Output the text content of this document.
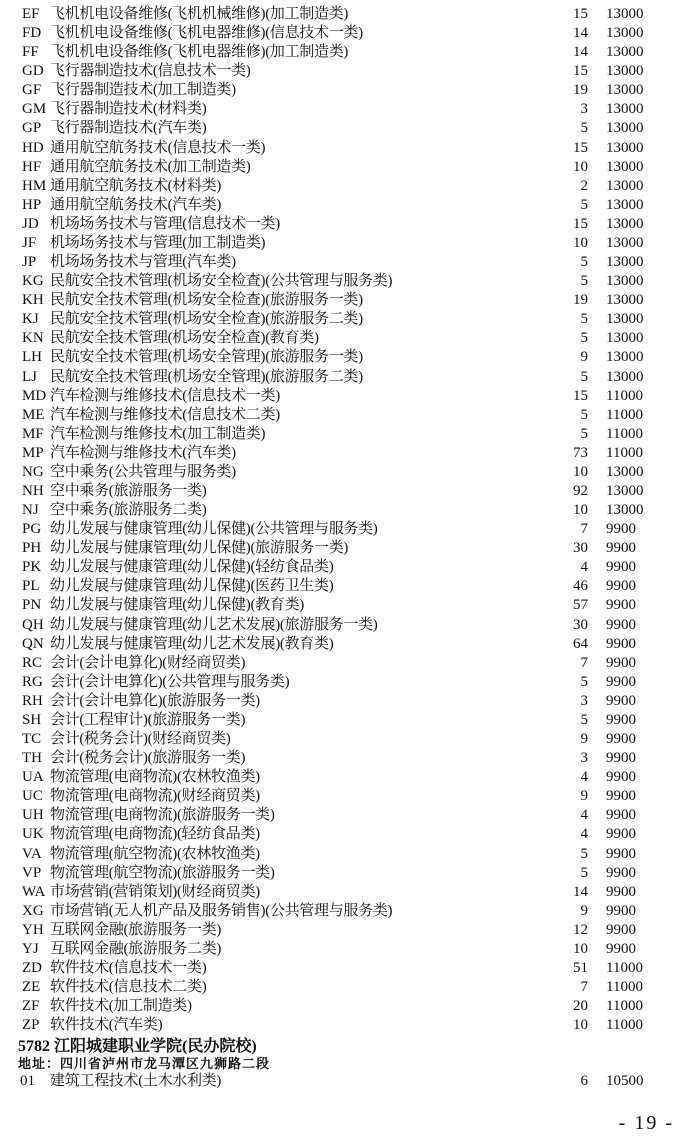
EF 飞机机电设备维修(飞机机械维修)(加工制造类)	15 13000
FD 飞机机电设备维修(飞机电器维修)(信息技术一类)	14 13000
FF 飞机机电设备维修(飞机电器维修)(加工制造类)	14 13000
GD 飞行器制造技术(信息技术一类)	15 13000
GF 飞行器制造技术(加工制造类)	19 13000
GM 飞行器制造技术(材料类)	3 13000
GP 飞行器制造技术(汽车类)	5 13000
HD 通用航空航务技术(信息技术一类)	15 13000
HF 通用航空航务技术(加工制造类)	10 13000
HM 通用航空航务技术(材料类)	2 13000
HP 通用航空航务技术(汽车类)	5 13000
JD 机场场务技术与管理(信息技术一类)	15 13000
JF 机场场务技术与管理(加工制造类)	10 13000
JP 机场场务技术与管理(汽车类)	5 13000
KG 民航安全技术管理(机场安全检查)(公共管理与服务类)	5 13000
KH 民航安全技术管理(机场安全检查)(旅游服务一类)	19 13000
KJ 民航安全技术管理(机场安全检查)(旅游服务二类)	5 13000
KN 民航安全技术管理(机场安全检查)(教育类)	5 13000
LH 民航安全技术管理(机场安全管理)(旅游服务一类)	9 13000
LJ 民航安全技术管理(机场安全管理)(旅游服务二类)	5 13000
MD 汽车检测与维修技术(信息技术一类)	15 11000
ME 汽车检测与维修技术(信息技术二类)	5 11000
MF 汽车检测与维修技术(加工制造类)	5 11000
MP 汽车检测与维修技术(汽车类)	73 11000
NG 空中乘务(公共管理与服务类)	10 13000
NH 空中乘务(旅游服务一类)	92 13000
NJ 空中乘务(旅游服务二类)	10 13000
PG 幼儿发展与健康管理(幼儿保健)(公共管理与服务类)	7 9900
PH 幼儿发展与健康管理(幼儿保健)(旅游服务一类)	30 9900
PK 幼儿发展与健康管理(幼儿保健)(轻纺食品类)	4 9900
PL 幼儿发展与健康管理(幼儿保健)(医药卫生类)	46 9900
PN 幼儿发展与健康管理(幼儿保健)(教育类)	57 9900
QH 幼儿发展与健康管理(幼儿艺术发展)(旅游服务一类)	30 9900
QN 幼儿发展与健康管理(幼儿艺术发展)(教育类)	64 9900
RC 会计(会计电算化)(财经商贸类)	7 9900
RG 会计(会计电算化)(公共管理与服务类)	5 9900
RH 会计(会计电算化)(旅游服务一类)	3 9900
SH 会计(工程审计)(旅游服务一类)	5 9900
TC 会计(税务会计)(财经商贸类)	9 9900
TH 会计(税务会计)(旅游服务一类)	3 9900
UA 物流管理(电商物流)(农林牧渔类)	4 9900
UC 物流管理(电商物流)(财经商贸类)	9 9900
UH 物流管理(电商物流)(旅游服务一类)	4 9900
UK 物流管理(电商物流)(轻纺食品类)	4 9900
VA 物流管理(航空物流)(农林牧渔类)	5 9900
VP 物流管理(航空物流)(旅游服务一类)	5 9900
WA 市场营销(营销策划)(财经商贸类)	14 9900
XG 市场营销(无人机产品及服务销售)(公共管理与服务类)	9 9900
YH 互联网金融(旅游服务一类)	12 9900
YJ 互联网金融(旅游服务二类)	10 9900
ZD 软件技术(信息技术一类)	51 11000
ZE 软件技术(信息技术二类)	7 11000
ZF 软件技术(加工制造类)	20 11000
ZP 软件技术(汽车类)	10 11000
5782 江阳城建职业学院(民办院校)
地址：四川省泸州市龙马潭区九狮路二段
01 建筑工程技术(土木水利类)	6 10500
- 19 -
